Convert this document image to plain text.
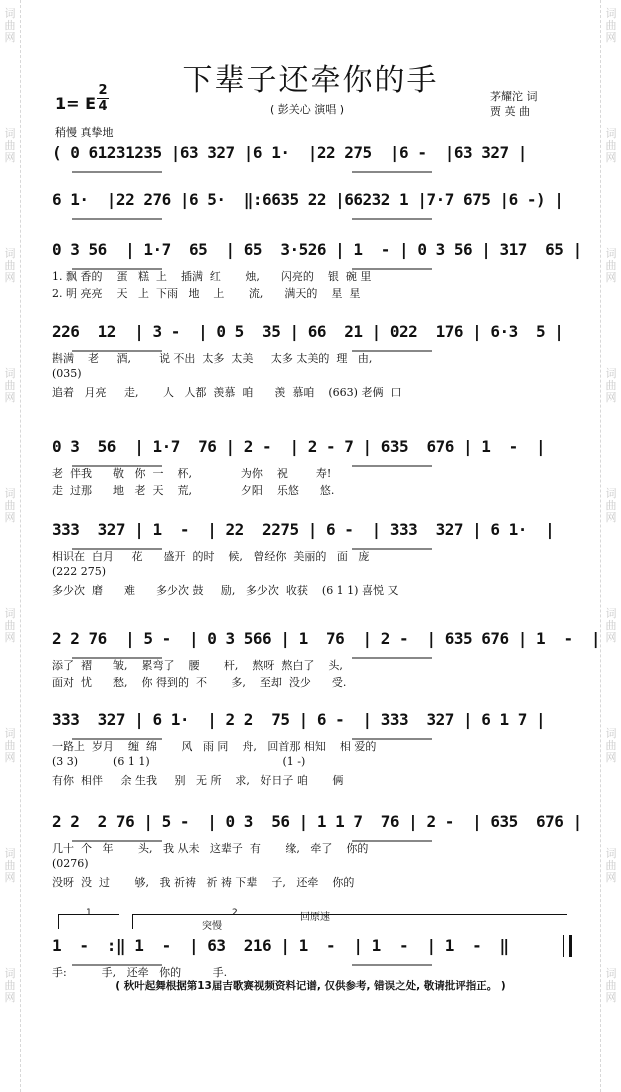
词
曲
网
词
曲
网
词
曲
网
词
曲
网
词
曲
网
词
曲
网
词
曲
网
词
曲
网
词
曲
网
词
曲
网
词
曲
网
词
曲
网
词
曲
网
词
曲
网
词
曲
网
词
曲
网
词
曲
网
词
曲
网
下辈子还牵你的手
1= E
2
4	( 彭关心 演唱 )
稍慢 真挚地
茅耀沱 词
贾 英 曲
( 0 61231235 |63 327 |6 1·  |22 275  |6 -  |63 327 |
6 1·  |22 276 |6 5·  ‖:6635 22 |66232 1 |7·7 675 |6 -) |
0 3 56  | 1·7  65  | 65  3·526 | 1  - | 0 3 56 | 317  65 |
1. 飘 香的    蛋   糕  上    插满  红       烛,      闪亮的    银  碗 里
2. 明 亮亮    天   上  下雨   地    上       流,      满天的    星  星
226  12  | 3 -  | 0 5  35 | 66  21 | 022  176 | 6·3  5 |
斟满    老     酒,        说 不出  太多  太美     太多 太美的  理   由,
(035)
追着   月亮     走,       人   人都  羡慕  咱      羡  慕咱    (663) 老俩  口
0 3  56  | 1·7  76 | 2 -  | 2 - 7 | 635  676 | 1  -  |
老  伴我      敬   你  一    杯,              为你    祝        寿!
走  过那      地   老  天    荒,              夕阳    乐悠      悠.
333  327 | 1  -  | 22  2275 | 6 -  | 333  327 | 6 1·  |
相识在  白月     花      盛开  的时    候,   曾经你  美丽的   面   庞
(222 275)
多少次  磨      难      多少次 鼓     励,   多少次  收获    (6 1 1) 喜悦 又
2 2 76  | 5 -  | 0 3 566 | 1  76  | 2 -  | 635 676 | 1  -  |
添了  褶      皱,    累弯了    腰       杆,    熬呀  熬白了    头,
面对  忧      愁,    你 得到的  不       多,    至却  没少      受.
333  327 | 6 1·  | 2 2  75 | 6 -  | 333  327 | 6 1 7 |
一路上  岁月    缠  绵       风   雨 同    舟,   回首那 相知    相 爱的
(3 3)          (6 1 1)                                      (1 -)
有你  相伴     余 生我     别   无 所    求,   好日子 咱       俩
2 2  2 76 | 5 -  | 0 3  56 | 1 1 7  76 | 2 -  | 635  676 |
几十  个   年       头,   我 从未   这辈子  有       缘,   牵了    你的
(0276)
没呀  没  过       够,   我 祈祷   祈 祷 下辈    子,   还牵    你的
1  -  :‖ 1  -  | 63  216 | 1  -  | 1  -  | 1  -  ‖
手:          手,   还牵   你的         手.
1	2
突慢
回原速
( 秋叶起舞根据第13届吉歌赛视频资料记谱, 仅供参考, 错误之处, 敬请批评指正。 )
